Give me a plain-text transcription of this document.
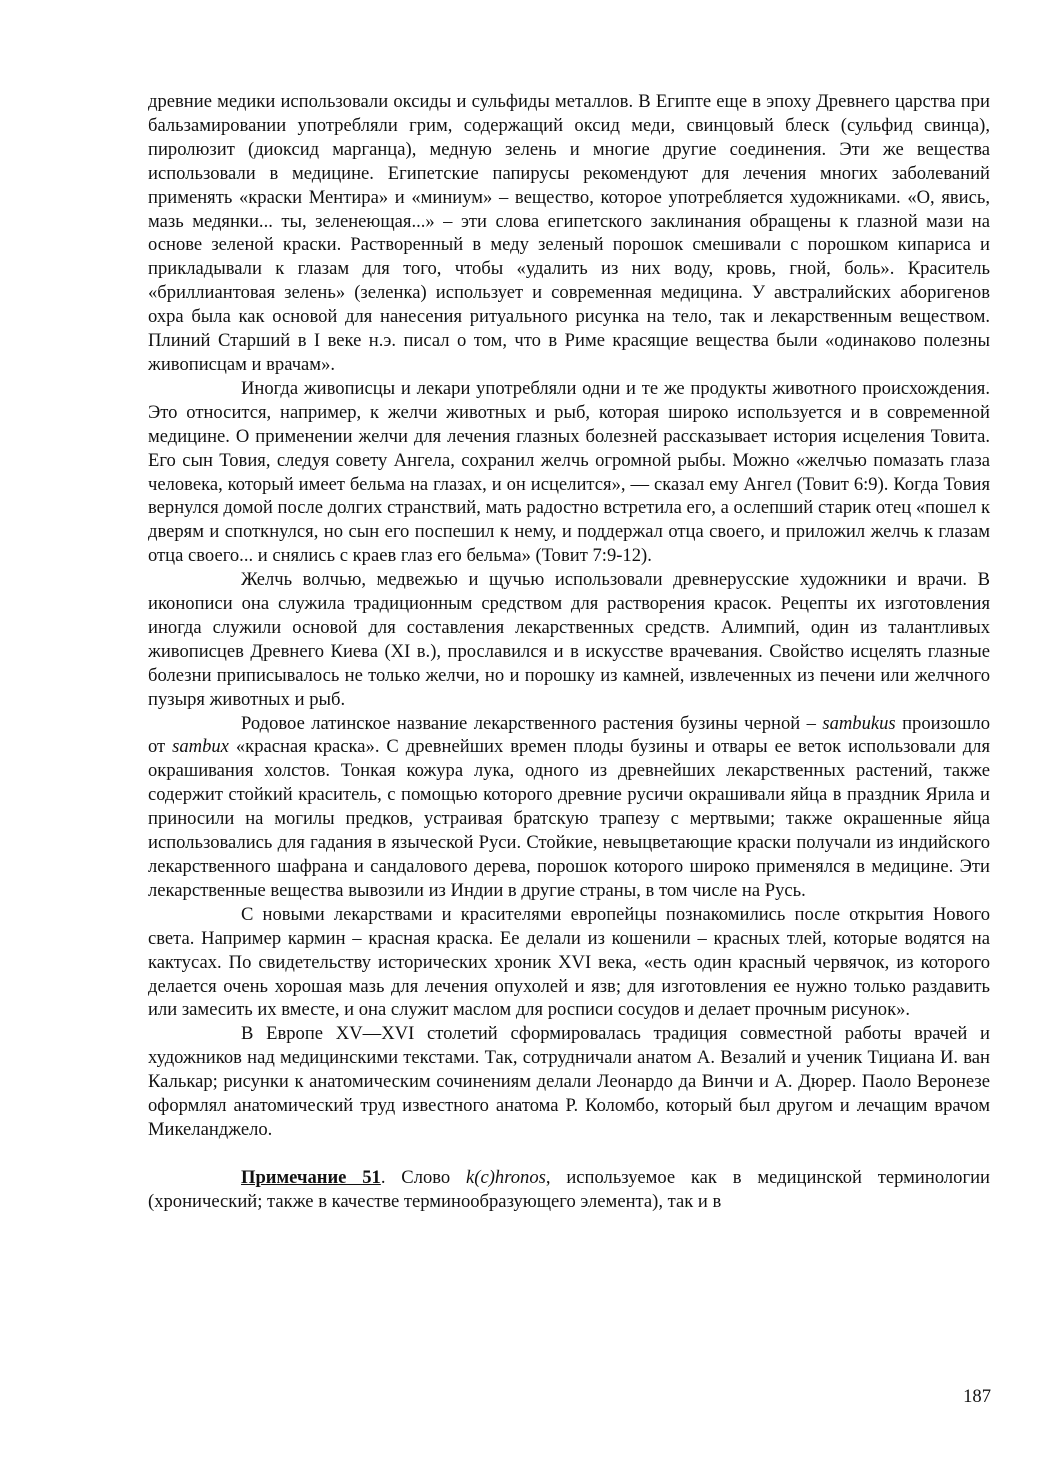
древние медики использовали оксиды и сульфиды металлов. В Египте еще в эпоху Древнего царства при бальзамировании употребляли грим, содержащий оксид меди, свинцовый блеск (сульфид свинца), пиролюзит (диоксид марганца), медную зелень и многие другие соединения. Эти же вещества использовали в медицине. Египетские папирусы рекомендуют для лечения многих заболеваний применять «краски Ментира» и «миниум» – вещество, которое употребляется художниками. «О, явись, мазь медянки... ты, зеленеющая...» – эти слова египетского заклинания обращены к глазной мази на основе зеленой краски. Растворенный в меду зеленый порошок смешивали с порошком кипариса и прикладывали к глазам для того, чтобы «удалить из них воду, кровь, гной, боль». Краситель «бриллиантовая зелень» (зеленка) использует и современная медицина. У австралийских аборигенов охра была как основой для нанесения ритуального рисунка на тело, так и лекарственным веществом. Плиний Старший в I веке н.э. писал о том, что в Риме красящие вещества были «одинаково полезны живописцам и врачам».

Иногда живописцы и лекари употребляли одни и те же продукты животного происхождения. Это относится, например, к желчи животных и рыб, которая широко используется и в современной медицине. О применении желчи для лечения глазных болезней рассказывает история исцеления Товита. Его сын Товия, следуя совету Ангела, сохранил желчь огромной рыбы. Можно «желчью помазать глаза человека, который имеет бельма на глазах, и он исцелится», — сказал ему Ангел (Товит 6:9). Когда Товия вернулся домой после долгих странствий, мать радостно встретила его, а ослепший старик отец «пошел к дверям и споткнулся, но сын его поспешил к нему, и поддержал отца своего, и приложил желчь к глазам отца своего... и снялись с краев глаз его бельма» (Товит 7:9-12).

Желчь волчью, медвежью и щучью использовали древнерусские художники и врачи. В иконописи она служила традиционным средством для растворения красок. Рецепты их изготовления иногда служили основой для составления лекарственных средств. Алимпий, один из талантливых живописцев Древнего Киева (XI в.), прославился и в искусстве врачевания. Свойство исцелять глазные болезни приписывалось не только желчи, но и порошку из камней, извлеченных из печени или желчного пузыря животных и рыб.

Родовое латинское название лекарственного растения бузины черной – sambukus произошло от sambux «красная краска». С древнейших времен плоды бузины и отвары ее веток использовали для окрашивания холстов. Тонкая кожура лука, одного из древнейших лекарственных растений, также содержит стойкий краситель, с помощью которого древние русичи окрашивали яйца в праздник Ярила и приносили на могилы предков, устраивая братскую трапезу с мертвыми; также окрашенные яйца использовались для гадания в языческой Руси. Стойкие, невыцветающие краски получали из индийского лекарственного шафрана и сандалового дерева, порошок которого широко применялся в медицине. Эти лекарственные вещества вывозили из Индии в другие страны, в том числе на Русь.

С новыми лекарствами и красителями европейцы познакомились после открытия Нового света. Например кармин – красная краска. Ее делали из кошенили – красных тлей, которые водятся на кактусах. По свидетельству исторических хроник XVI века, «есть один красный червячок, из которого делается очень хорошая мазь для лечения опухолей и язв; для изготовления ее нужно только раздавить или замесить их вместе, и она служит маслом для росписи сосудов и делает прочным рисунок».

В Европе XV—XVI столетий сформировалась традиция совместной работы врачей и художников над медицинскими текстами. Так, сотрудничали анатом А. Везалий и ученик Тициана И. ван Калькар; рисунки к анатомическим сочинениям делали Леонардо да Винчи и А. Дюрер. Паоло Веронезе оформлял анатомический труд известного анатома Р. Коломбо, который был другом и лечащим врачом Микеланджело.

Примечание 51. Слово k(c)hronos, используемое как в медицинской терминологии (хронический; также в качестве терминообразующего элемента), так и в

187
